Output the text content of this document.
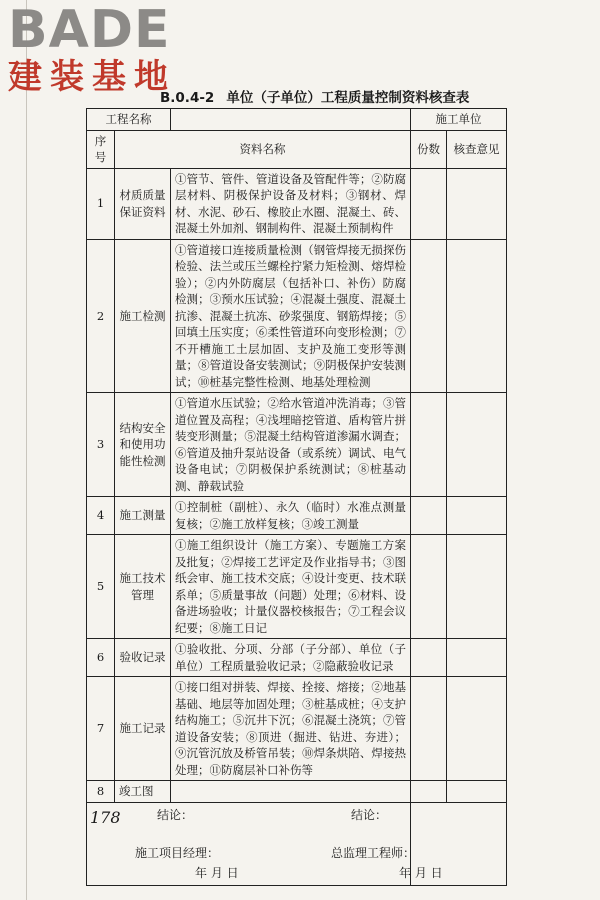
BADE
建装基地
B.0.4-2 单位（子单位）工程质量控制资料核查表
工程名称			施工单位	
序号	资料名称		份数	核查意见
1	材质质量保证资料	①管节、管件、管道设备及管配件等；②防腐层材料、阴极保护设备及材料；③钢材、焊材、水泥、砂石、橡胶止水圈、混凝土、砖、混凝土外加剂、钢制构件、混凝土预制构件		
2	施工检测	①管道接口连接质量检测（钢管焊接无损探伤检验、法兰或压兰螺栓拧紧力矩检测、熔焊检验）；②内外防腐层（包括补口、补伤）防腐检测；③预水压试验；④混凝土强度、混凝土抗渗、混凝土抗冻、砂浆强度、钢筋焊接；⑤回填土压实度；⑥柔性管道环向变形检测；⑦不开槽施工土层加固、支护及施工变形等测量；⑧管道设备安装测试；⑨阴极保护安装测试；⑩桩基完整性检测、地基处理检测		
3	结构安全和使用功能性检测	①管道水压试验；②给水管道冲洗消毒；③管道位置及高程；④浅埋暗挖管道、盾构管片拼装变形测量；⑤混凝土结构管道渗漏水调查；⑥管道及抽升泵站设备（或系统）调试、电气设备电试；⑦阴极保护系统测试；⑧桩基动测、静载试验		
4	施工测量	①控制桩（副桩）、永久（临时）水准点测量复核；②施工放样复核；③竣工测量		
5	施工技术管理	①施工组织设计（施工方案）、专题施工方案及批复；②焊接工艺评定及作业指导书；③图纸会审、施工技术交底；④设计变更、技术联系单；⑤质量事故（问题）处理；⑥材料、设备进场验收；计量仪器校核报告；⑦工程会议纪要；⑧施工日记		
6	验收记录	①验收批、分项、分部（子分部）、单位（子单位）工程质量验收记录；②隐蔽验收记录		
7	施工记录	①接口组对拼装、焊接、拴接、熔接；②地基基础、地层等加固处理；③桩基成桩；④支护结构施工；⑤沉井下沉；⑥混凝土浇筑；⑦管道设备安装；⑧顶进（掘进、钻进、夯进）；⑨沉管沉放及桥管吊装；⑩焊条烘陪、焊接热处理；⑪防腐层补口补伤等		
8	竣工图			

结论：
施工项目经理：
年 月 日			结论：
总监理工程师：
年 月 日	
178
